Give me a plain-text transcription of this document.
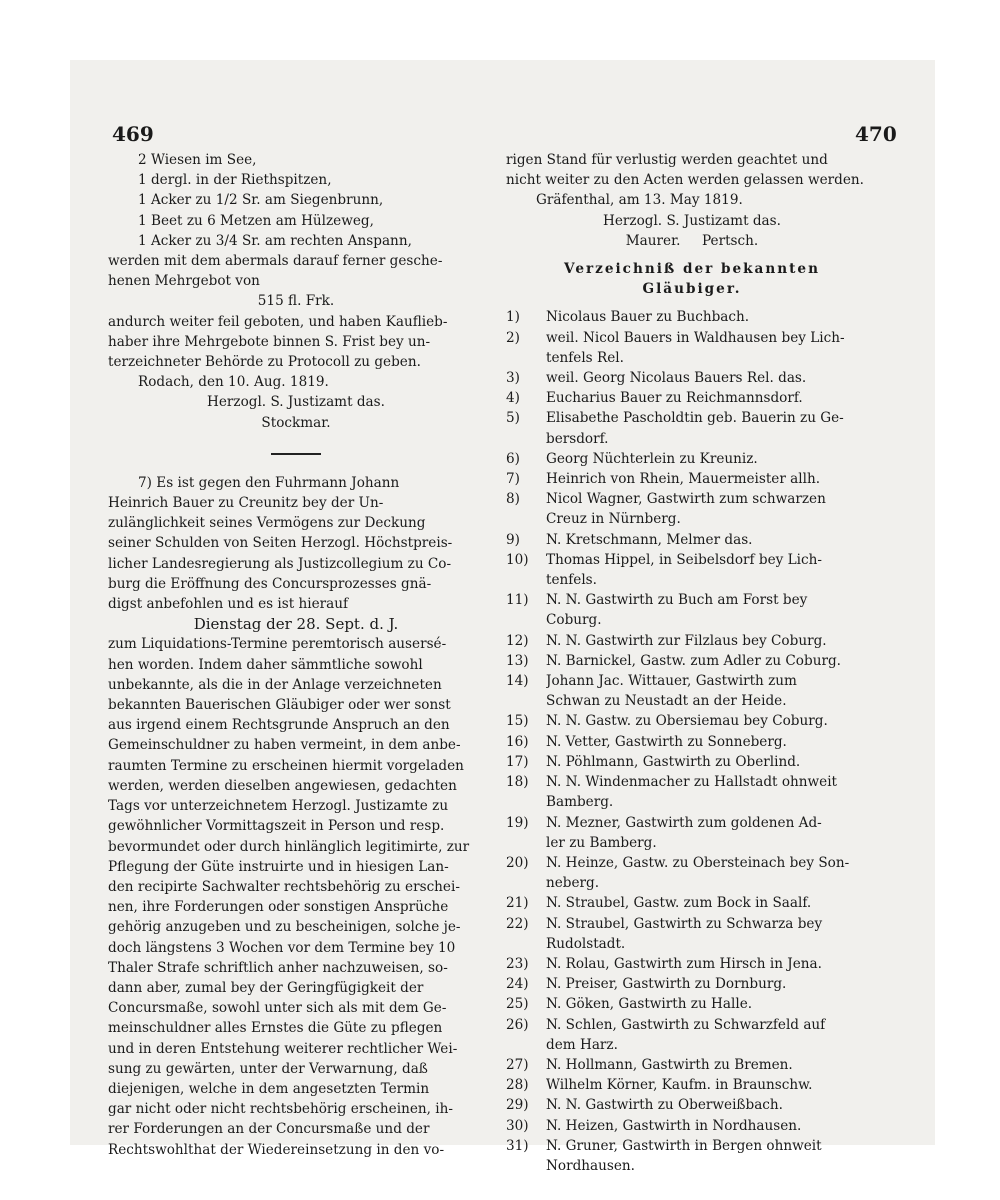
469	470
2 Wiesen im See,
1 dergl. in der Riethspitzen,
1 Acker zu 1/2 Sr. am Siegenbrunn,
1 Beet zu 6 Metzen am Hülzeweg,
1 Acker zu 3/4 Sr. am rechten Anspann,
werden mit dem abermals darauf ferner gesche-
henen Mehrgebot von
515 fl. Frk.
andurch weiter feil geboten, und haben Kauflieb-
haber ihre Mehrgebote binnen S. Frist bey un-
terzeichneter Behörde zu Protocoll zu geben.
Rodach, den 10. Aug. 1819.
Herzogl. S. Justizamt das.
Stockmar.
7) Es ist gegen den Fuhrmann Johann
Heinrich Bauer zu Creunitz bey der Un-
zulänglichkeit seines Vermögens zur Deckung
seiner Schulden von Seiten Herzogl. Höchstpreis-
licher Landesregierung als Justizcollegium zu Co-
burg die Eröffnung des Concursprozesses gnä-
digst anbefohlen und es ist hierauf
Dienstag der 28. Sept. d. J.
zum Liquidations-Termine peremtorisch ausersé-
hen worden. Indem daher sämmtliche sowohl
unbekannte, als die in der Anlage verzeichneten
bekannten Bauerischen Gläubiger oder wer sonst
aus irgend einem Rechtsgrunde Anspruch an den
Gemeinschuldner zu haben vermeint, in dem anbe-
raumten Termine zu erscheinen hiermit vorgeladen
werden, werden dieselben angewiesen, gedachten
Tags vor unterzeichnetem Herzogl. Justizamte zu
gewöhnlicher Vormittagszeit in Person und resp.
bevormundet oder durch hinlänglich legitimirte, zur
Pflegung der Güte instruirte und in hiesigen Lan-
den recipirte Sachwalter rechtsbehörig zu erschei-
nen, ihre Forderungen oder sonstigen Ansprüche
gehörig anzugeben und zu bescheinigen, solche je-
doch längstens 3 Wochen vor dem Termine bey 10
Thaler Strafe schriftlich anher nachzuweisen, so-
dann aber, zumal bey der Geringfügigkeit der
Concursmaße, sowohl unter sich als mit dem Ge-
meinschuldner alles Ernstes die Güte zu pflegen
und in deren Entstehung weiterer rechtlicher Wei-
sung zu gewärten, unter der Verwarnung, daß
diejenigen, welche in dem angesetzten Termin
gar nicht oder nicht rechtsbehörig erscheinen, ih-
rer Forderungen an der Concursmaße und der
Rechtswohlthat der Wiedereinsetzung in den vo-
rigen Stand für verlustig werden geachtet und
nicht weiter zu den Acten werden gelassen werden.
Gräfenthal, am 13. May 1819.
Herzogl. S. Justizamt das.
Maurer.     Pertsch.
Verzeichniß der bekannten
Gläubiger.
1)	Nicolaus Bauer zu Buchbach.
2)	weil. Nicol Bauers in Waldhausen bey Lich-
tenfels Rel.
3)	weil. Georg Nicolaus Bauers Rel. das.
4)	Eucharius Bauer zu Reichmannsdorf.
5)	Elisabethe Pascholdtin geb. Bauerin zu Ge-
bersdorf.
6)	Georg Nüchterlein zu Kreuniz.
7)	Heinrich von Rhein, Mauermeister allh.
8)	Nicol Wagner, Gastwirth zum schwarzen
Creuz in Nürnberg.
9)	N. Kretschmann, Melmer das.
10)	Thomas Hippel, in Seibelsdorf bey Lich-
tenfels.
11)	N. N. Gastwirth zu Buch am Forst bey
Coburg.
12)	N. N. Gastwirth zur Filzlaus bey Coburg.
13)	N. Barnickel, Gastw. zum Adler zu Coburg.
14)	Johann Jac. Wittauer, Gastwirth zum
Schwan zu Neustadt an der Heide.
15)	N. N. Gastw. zu Obersiemau bey Coburg.
16)	N. Vetter, Gastwirth zu Sonneberg.
17)	N. Pöhlmann, Gastwirth zu Oberlind.
18)	N. N. Windenmacher zu Hallstadt ohnweit
Bamberg.
19)	N. Mezner, Gastwirth zum goldenen Ad-
ler zu Bamberg.
20)	N. Heinze, Gastw. zu Obersteinach bey Son-
neberg.
21)	N. Straubel, Gastw. zum Bock in Saalf.
22)	N. Straubel, Gastwirth zu Schwarza bey
Rudolstadt.
23)	N. Rolau, Gastwirth zum Hirsch in Jena.
24)	N. Preiser, Gastwirth zu Dornburg.
25)	N. Göken, Gastwirth zu Halle.
26)	N. Schlen, Gastwirth zu Schwarzfeld auf
dem Harz.
27)	N. Hollmann, Gastwirth zu Bremen.
28)	Wilhelm Körner, Kaufm. in Braunschw.
29)	N. N. Gastwirth zu Oberweißbach.
30)	N. Heizen, Gastwirth in Nordhausen.
31)	N. Gruner, Gastwirth in Bergen ohnweit
Nordhausen.
